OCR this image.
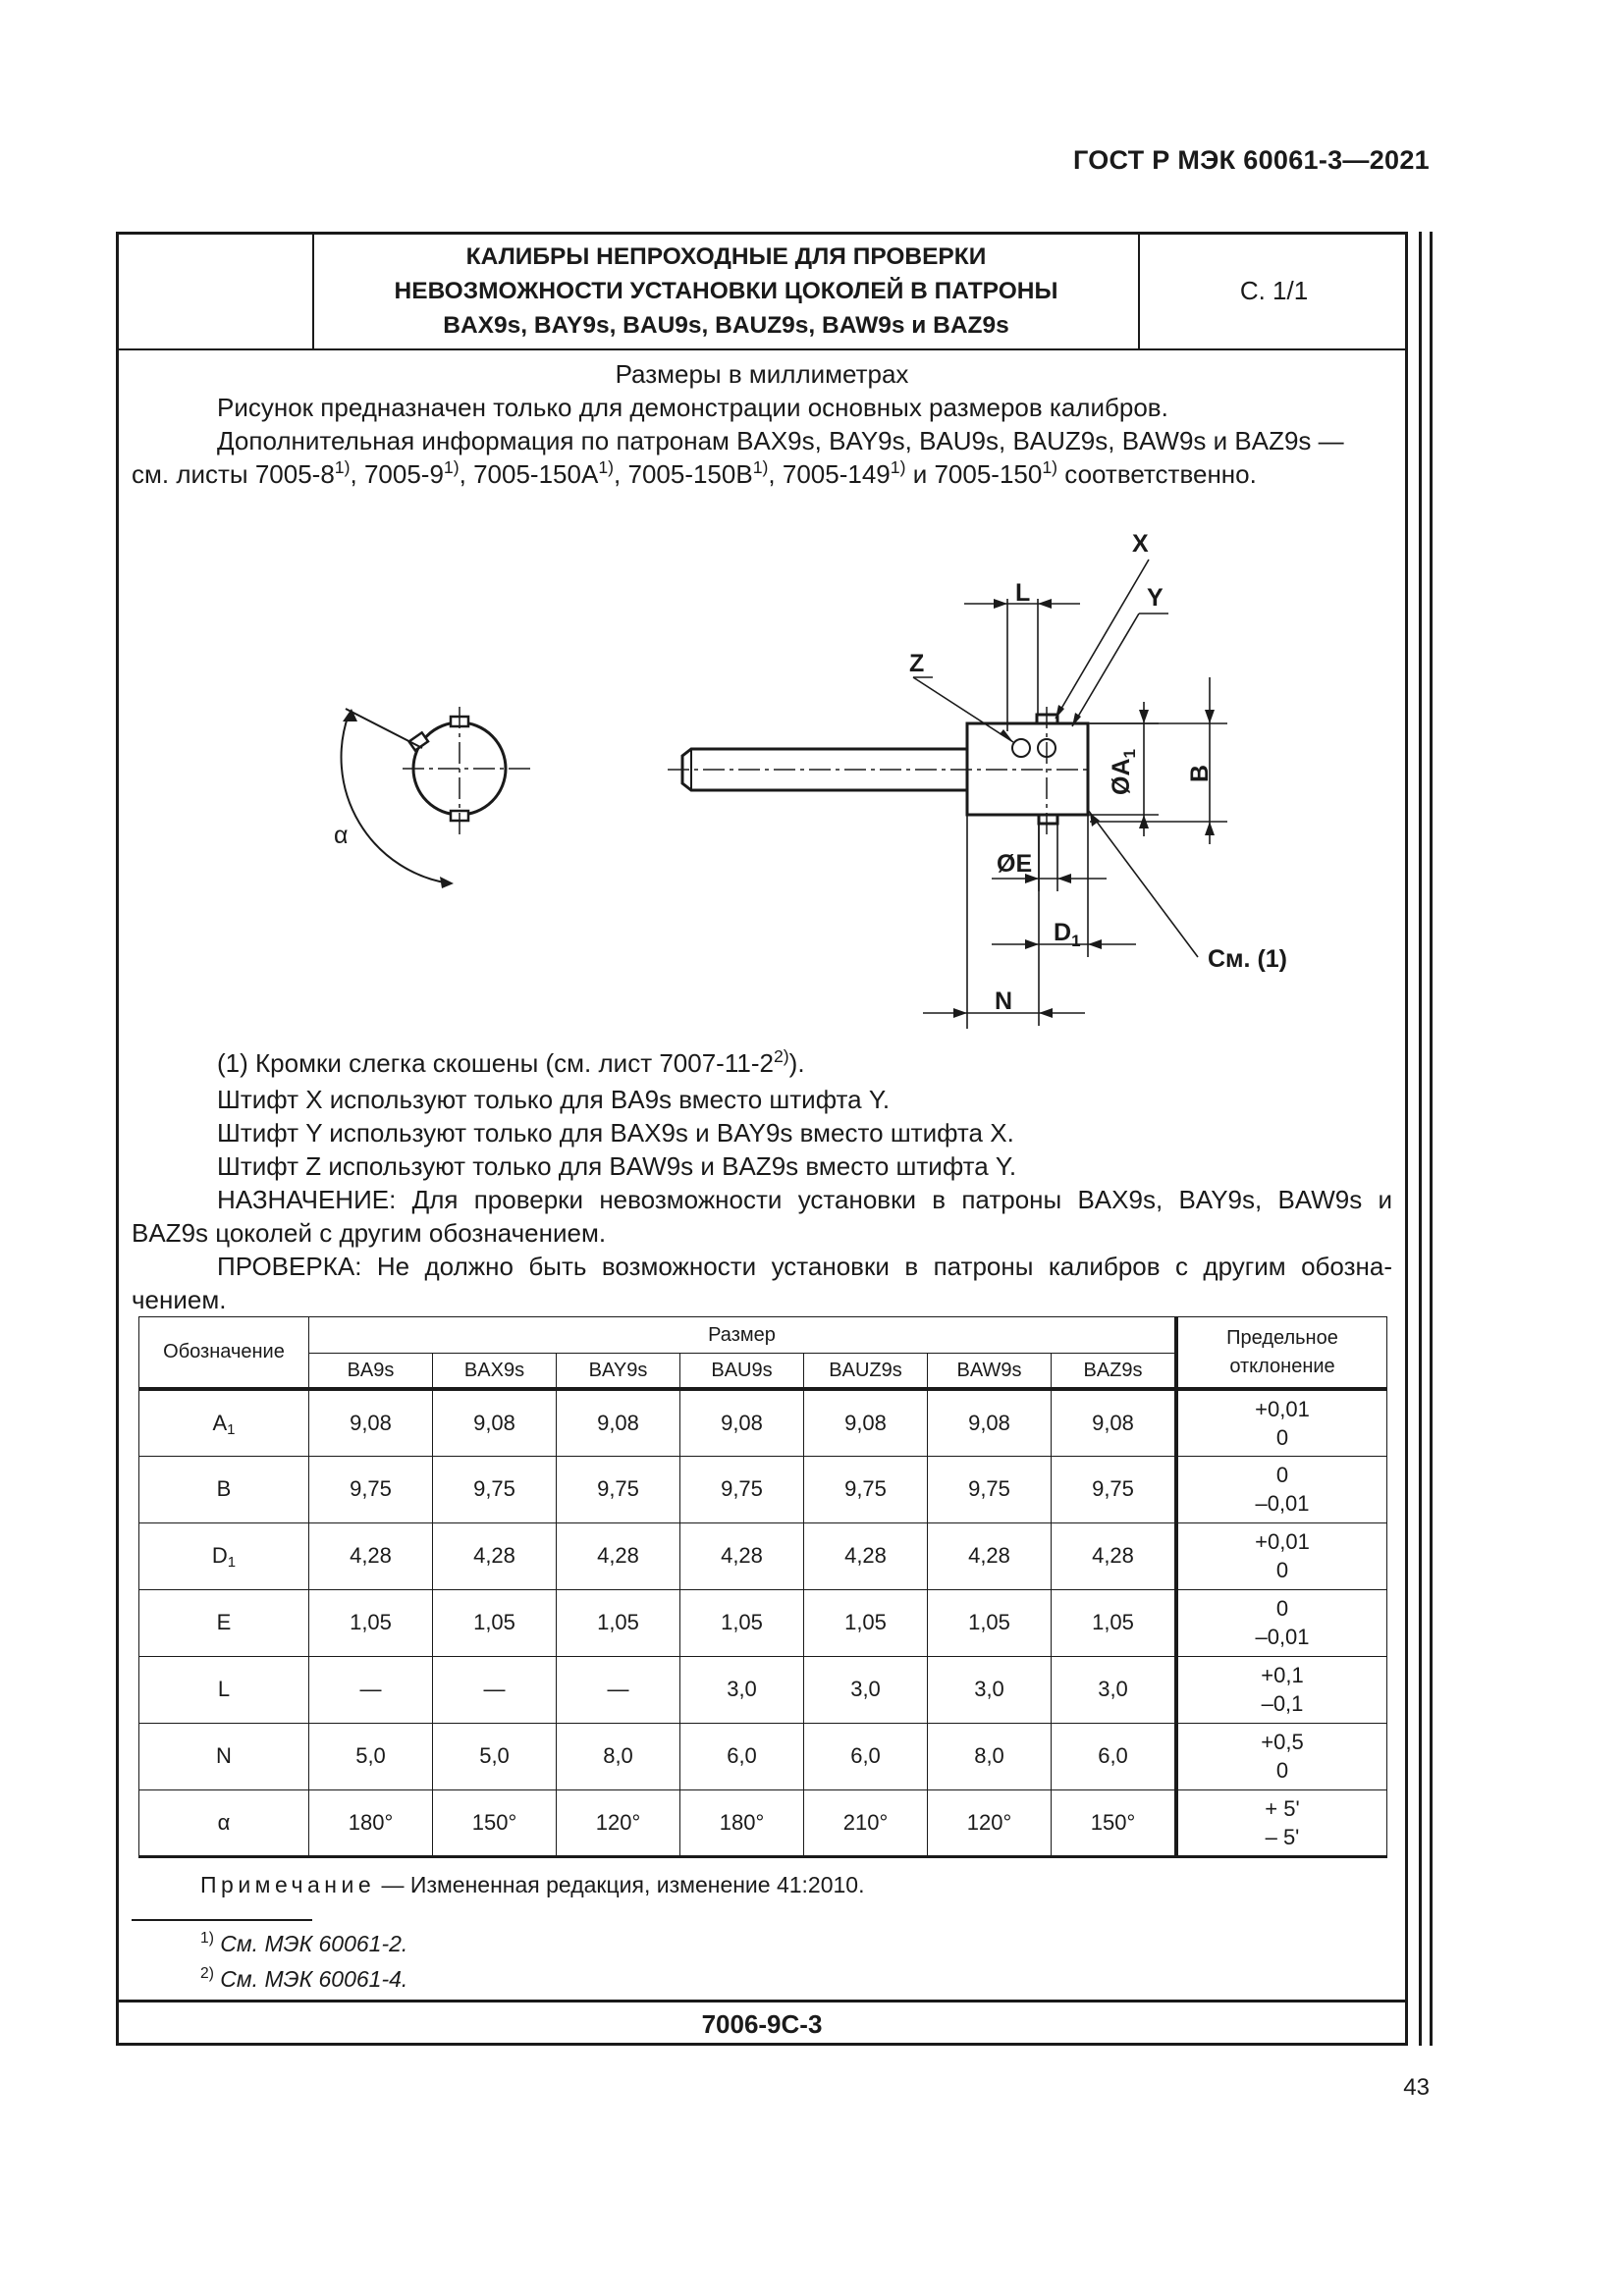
ГОСТ Р МЭК 60061-3—2021
КАЛИБРЫ НЕПРОХОДНЫЕ ДЛЯ ПРОВЕРКИ
НЕВОЗМОЖНОСТИ УСТАНОВКИ ЦОКОЛЕЙ В ПАТРОНЫ
BAX9s, BAY9s, BAU9s, BAUZ9s, BAW9s и BAZ9s
С. 1/1
Размеры в миллиметрах
Рисунок предназначен только для демонстрации основных размеров калибров.
Дополнительная информация по патронам BAX9s, BAY9s, BAU9s, BAUZ9s, BAW9s и BAZ9s —
см. листы 7005-8$^{1)}$, 7005-9$^{1)}$, $7005-150A^{1)}$, $7005-150B^{1)}$, 7005-149$^{1)}$ и 7005-150$^{1)}$ соответственно.
X
Y
Z
L
ØE
$D_1$
N
См. (1)
$ØA_1$
B
α
(1) Кромки слегка скошены (см. лист 7007-11-2$^{2)}$).
Штифт X используют только для BA9s вместо штифта Y.
Штифт Y используют только для BAX9s и BAY9s вместо штифта X.
Штифт Z используют только для BAW9s и BAZ9s вместо штифта Y.
НАЗНАЧЕНИЕ: Для проверки невозможности установки в патроны BAX9s, BAY9s, BAW9s и
BAZ9s цоколей с другим обозначением.
ПРОВЕРКА: Не должно быть возможности установки в патроны калибров с другим обозна-
чением.
Обозначение	Размер							Предельное
отклонение
	BA9s	BAX9s	BAY9s	BAU9s	BAUZ9s	BAW9s	BAZ9s	
$A_1$	9,08	9,08	9,08	9,08	9,08	9,08	9,08	+0,01
0

B	9,75	9,75	9,75	9,75	9,75	9,75	9,75	0
–0,01

$D_1$	4,28	4,28	4,28	4,28	4,28	4,28	4,28	+0,01
0

E	1,05	1,05	1,05	1,05	1,05	1,05	1,05	0
–0,01

L	—	—	—	3,0	3,0	3,0	3,0	+0,1
–0,1

N	5,0	5,0	8,0	6,0	6,0	8,0	6,0	+0,5
0

α	180°	150°	120°	180°	210°	120°	150°	+ 5'
– 5'
Примечание — Измененная редакция, изменение 41:2010.
$^{1)}$ См. МЭК 60061-2.
$^{2)}$ См. МЭК 60061-4.
7006-9C-3
43
